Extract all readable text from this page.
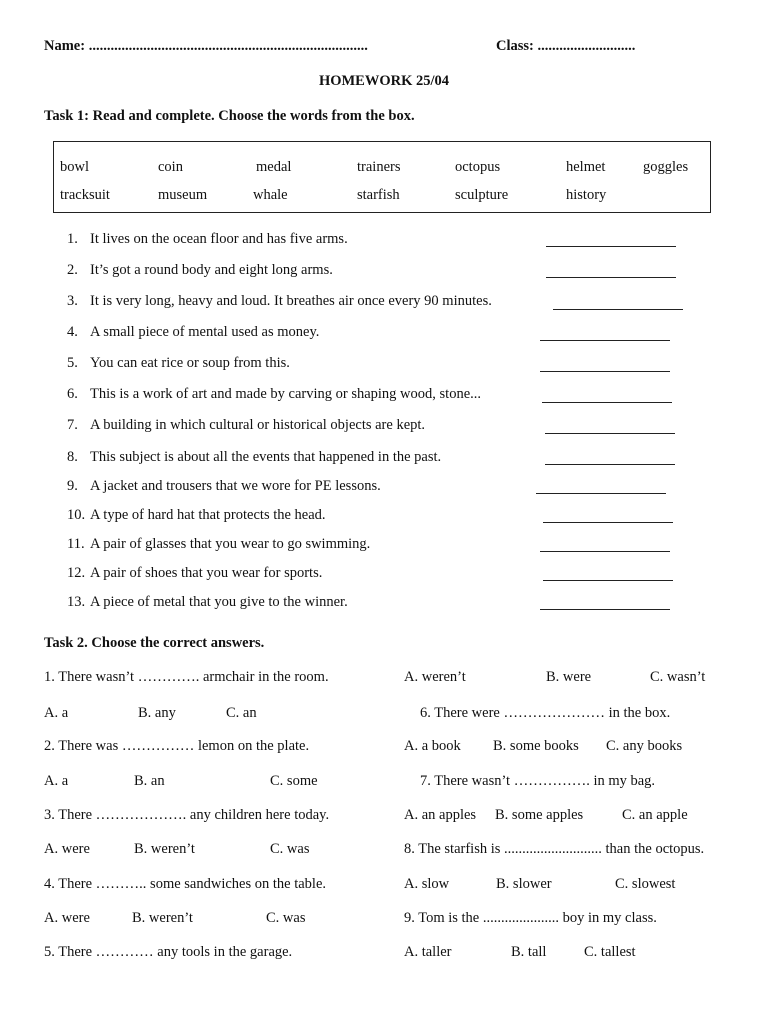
Name: .............................................................................	Class: ...........................
HOMEWORK 25/04
Task 1: Read and complete. Choose the words from the box.
bowl	coin	medal	trainers	octopus	helmet	goggles
tracksuit	museum	whale	starfish	sculpture	history
1. It lives on the ocean floor and has five arms.
2. It’s got a round body and eight long arms.
3. It is very long, heavy and loud. It breathes air once every 90 minutes.
4. A small piece of mental used as money.
5. You can eat rice or soup from this.
6. This is a work of art and made by carving or shaping wood, stone...
7. A building in which cultural or historical objects are kept.
8. This subject is about all the events that happened in the past.
9. A jacket and trousers that we wore for PE lessons.
10. A type of hard hat that protects the head.
11. A pair of glasses that you wear to go swimming.
12. A pair of shoes that you wear for sports.
13. A piece of metal that you give to the winner.
Task 2. Choose the correct answers.
1. There wasn’t …………. armchair in the room.
A. a	B. any	C. an
2. There was …………… lemon on the plate.
A. a	B. an	C. some
3. There ………………. any children here today.
A. were	B. weren’t	C. was
4. There ……….. some sandwiches on the table.
A. were	B. weren’t	C. was
5. There ………… any tools in the garage.
A. weren’t	B. were	C. wasn’t
6. There were ………………… in the box.
A. a book B. some books C. any books
7. There wasn’t ……………. in my bag.
A. an apples B. some apples	C. an apple
8. The starfish is ........................... than the octopus.
A. slow	B. slower	C. slowest
9. Tom is the ..................... boy in my class.
A. taller	B. tall	C. tallest
